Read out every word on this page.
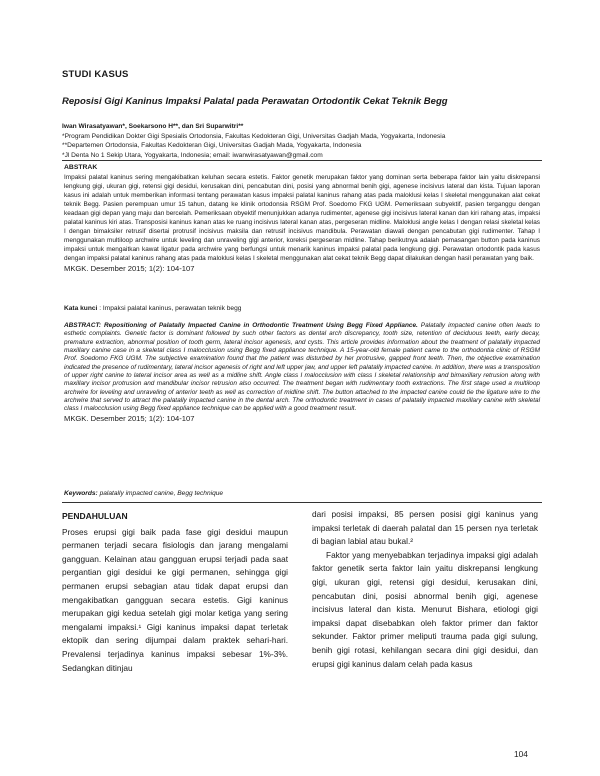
STUDI KASUS
Reposisi Gigi Kaninus Impaksi Palatal pada Perawatan Ortodontik Cekat Teknik Begg
Iwan Wirasatyawan*, Soekarsono H**, dan Sri Suparwitri**
*Program Pendidikan Dokter Gigi Spesialis Ortodonsia, Fakultas Kedokteran Gigi, Universitas Gadjah Mada, Yogyakarta, Indonesia
**Departemen Ortodonsia, Fakultas Kedokteran Gigi, Universitas Gadjah Mada, Yogyakarta, Indonesia
*Jl Denta No 1 Sekip Utara, Yogyakarta, Indonesia; email: iwanwirasatyawan@gmail.com
ABSTRAK
Impaksi palatal kaninus sering mengakibatkan keluhan secara estetis. Faktor genetik merupakan faktor yang dominan serta beberapa faktor lain yaitu diskrepansi lengkung gigi, ukuran gigi, retensi gigi desidui, kerusakan dini, pencabutan dini, posisi yang abnormal benih gigi, agenese incisivus lateral dan kista. Tujuan laporan kasus ini adalah untuk memberikan informasi tentang perawatan kasus impaksi palatal kaninus rahang atas pada maloklusi kelas I skeletal menggunakan alat cekat teknik Begg. Pasien perempuan umur 15 tahun, datang ke klinik ortodonsia RSGM Prof. Soedomo FKG UGM. Pemeriksaan subyektif, pasien terganggu dengan keadaan gigi depan yang maju dan bercelah. Pemeriksaan obyektif menunjukkan adanya rudimenter, agenese gigi incisivus lateral kanan dan kiri rahang atas, impaksi palatal kaninus kiri atas. Transposisi kaninus kanan atas ke ruang incisivus lateral kanan atas, pergeseran midline. Maloklusi angle kelas I dengan relasi skeletal kelas I dengan bimaksiler retrusif disertai protrusif incisivus maksila dan retrusif incisivus mandibula. Perawatan diawali dengan pencabutan gigi rudimenter. Tahap I menggunakan multiloop archwire untuk leveling dan unraveling gigi anterior, koreksi pergeseran midline. Tahap berikutnya adalah pemasangan button pada kaninus impaksi untuk mengaitkan kawat ligatur pada archwire yang berfungsi untuk menarik kaninus impaksi palatal pada lengkung gigi. Perawatan ortodontik pada kasus dengan impaksi palatal kaninus rahang atas pada maloklusi kelas I skeletal menggunakan alat cekat teknik Begg dapat dilakukan dengan hasil perawatan yang baik.
MKGK. Desember 2015; 1(2): 104-107
Kata kunci : Impaksi palatal kaninus, perawatan teknik begg
ABSTRACT: Repositioning of Palatally Impacted Canine in Orthodontic Treatment Using Begg Fixed Appliance. Palatally impacted canine often leads to esthetic complaints. Genetic factor is dominant followed by such other factors as dental arch discrepancy, tooth size, retention of deciduous teeth, early decay, premature extraction, abnormal position of tooth germ, lateral incisor agenesis, and cysts. This article provides information about the treatment of palatally impacted maxillary canine case in a skeletal class I malocclusion using Begg fixed appliance technique. A 15-year-old female patient came to the orthodontia clinic of RSGM Prof. Soedomo FKG UGM. The subjective examination found that the patient was disturbed by her protrusive, gapped front teeth. Then, the objective examination indicated the presence of rudimentary, lateral incisor agenesis of right and left upper jaw, and upper left palatally impacted canine. In addition, there was a transposition of upper right canine to lateral incisor area as well as a midline shift. Angle class I malocclusion with class I skeletal relationship and bimaxillary retrusion along with maxillary incisor protrusion and mandibular incisor retrusion also occurred. The treatment began with rudimentary tooth extractions. The first stage used a multiloop archwire for leveling and unraveling of anterior teeth as well as correction of midline shift. The button attached to the impacted canine could tie the ligature wire to the archwire that served to attract the palatally impacted canine in the dental arch. The orthodontic treatment in cases of palatally impacted maxillary canine with skeletal class I malocclusion using Begg fixed appliance technique can be applied with a good treatment result.
MKGK. Desember 2015; 1(2): 104-107
Keywords: palatally impacted canine, Begg technique
PENDAHULUAN

Proses erupsi gigi baik pada fase gigi desidui maupun permanen terjadi secara fisiologis dan jarang mengalami gangguan. Kelainan atau gangguan erupsi terjadi pada saat pergantian gigi desidui ke gigi permanen, sehingga gigi permanen erupsi sebagian atau tidak dapat erupsi dan mengakibatkan gangguan secara estetis. Gigi kaninus merupakan gigi kedua setelah gigi molar ketiga yang sering mengalami impaksi.¹ Gigi kaninus impaksi dapat terletak ektopik dan sering dijumpai dalam praktek sehari-hari. Prevalensi terjadinya kaninus impaksi sebesar 1%-3%. Sedangkan ditinjau

dari posisi impaksi, 85 persen posisi gigi kaninus yang impaksi terletak di daerah palatal dan 15 persen nya terletak di bagian labial atau bukal.²

Faktor yang menyebabkan terjadinya impaksi gigi adalah faktor genetik serta faktor lain yaitu diskrepansi lengkung gigi, ukuran gigi, retensi gigi desidui, kerusakan dini, pencabutan dini, posisi abnormal benih gigi, agenese incisivus lateral dan kista. Menurut Bishara, etiologi gigi impaksi dapat disebabkan oleh faktor primer dan faktor sekunder. Faktor primer meliputi trauma pada gigi sulung, benih gigi rotasi, kehilangan secara dini gigi desidui, dan erupsi gigi kaninus dalam celah pada kasus

104
